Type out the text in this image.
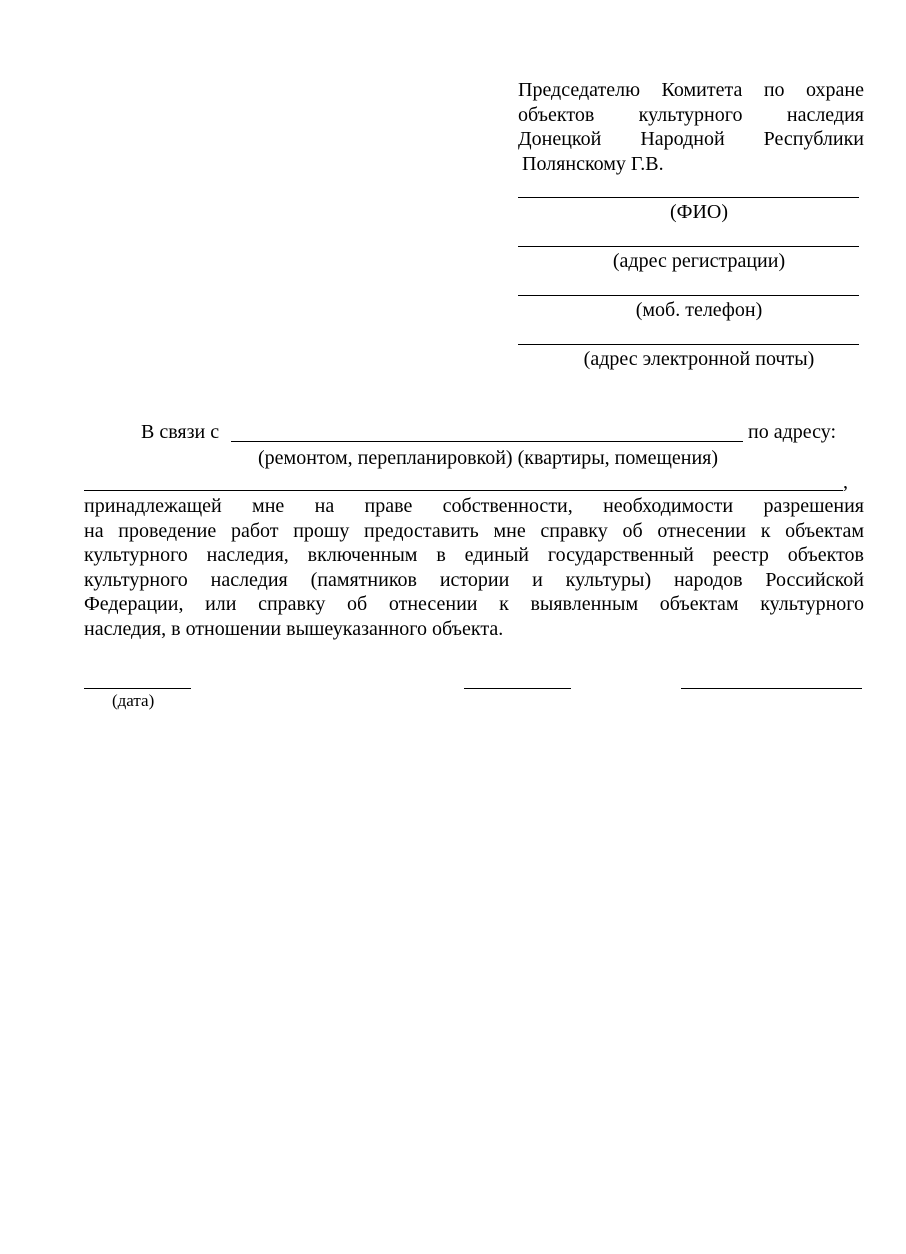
Председателю Комитета по охране
объектов культурного наследия
Донецкой Народной Республики
Полянскому Г.В.
(ФИО)
(адрес регистрации)
(моб. телефон)
(адрес электронной почты)
В связи с	по адресу:
(ремонтом, перепланировкой) (квартиры, помещения)
,
принадлежащей мне на праве собственности, необходимости разрешения
на проведение работ прошу предоставить мне справку об отнесении к объектам
культурного наследия, включенным в единый государственный реестр объектов
культурного наследия (памятников истории и культуры) народов Российской
Федерации, или справку об отнесении к выявленным объектам культурного
наследия, в отношении вышеуказанного объекта.
(дата)
